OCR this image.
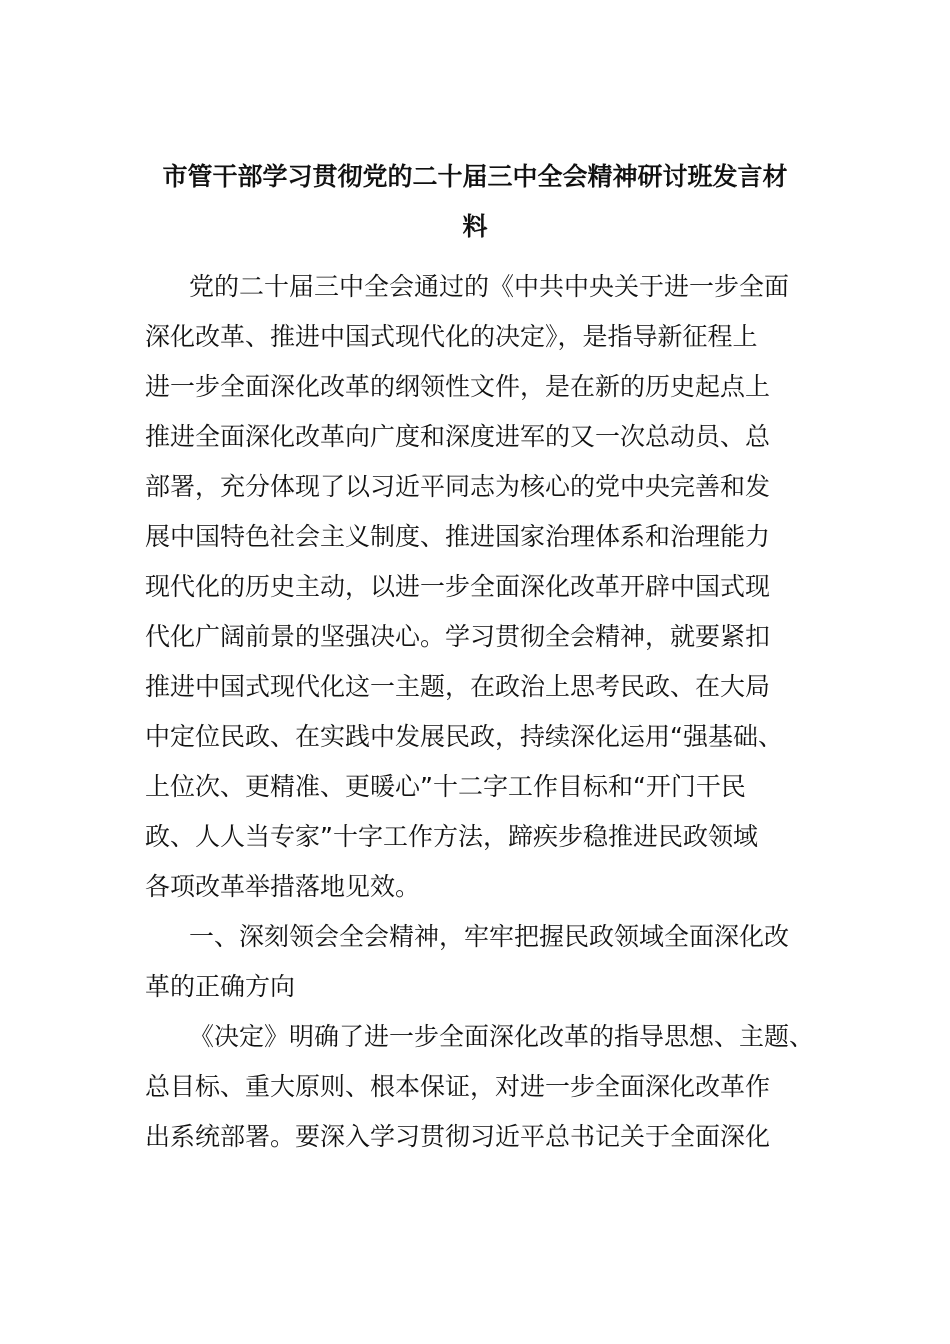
市管干部学习贯彻党的二十届三中全会精神研讨班发言材
料
党的二十届三中全会通过的《中共中央关于进一步全面
深化改革、推进中国式现代化的决定》，是指导新征程上
进一步全面深化改革的纲领性文件，是在新的历史起点上
推进全面深化改革向广度和深度进军的又一次总动员、总
部署，充分体现了以习近平同志为核心的党中央完善和发
展中国特色社会主义制度、推进国家治理体系和治理能力
现代化的历史主动，以进一步全面深化改革开辟中国式现
代化广阔前景的坚强决心。学习贯彻全会精神，就要紧扣
推进中国式现代化这一主题，在政治上思考民政、在大局
中定位民政、在实践中发展民政，持续深化运用“强基础、
上位次、更精准、更暖心”十二字工作目标和“开门干民
政、人人当专家”十字工作方法，蹄疾步稳推进民政领域
各项改革举措落地见效。
一、深刻领会全会精神，牢牢把握民政领域全面深化改
革的正确方向
《决定》明确了进一步全面深化改革的指导思想、主题、
总目标、重大原则、根本保证，对进一步全面深化改革作
出系统部署。要深入学习贯彻习近平总书记关于全面深化
